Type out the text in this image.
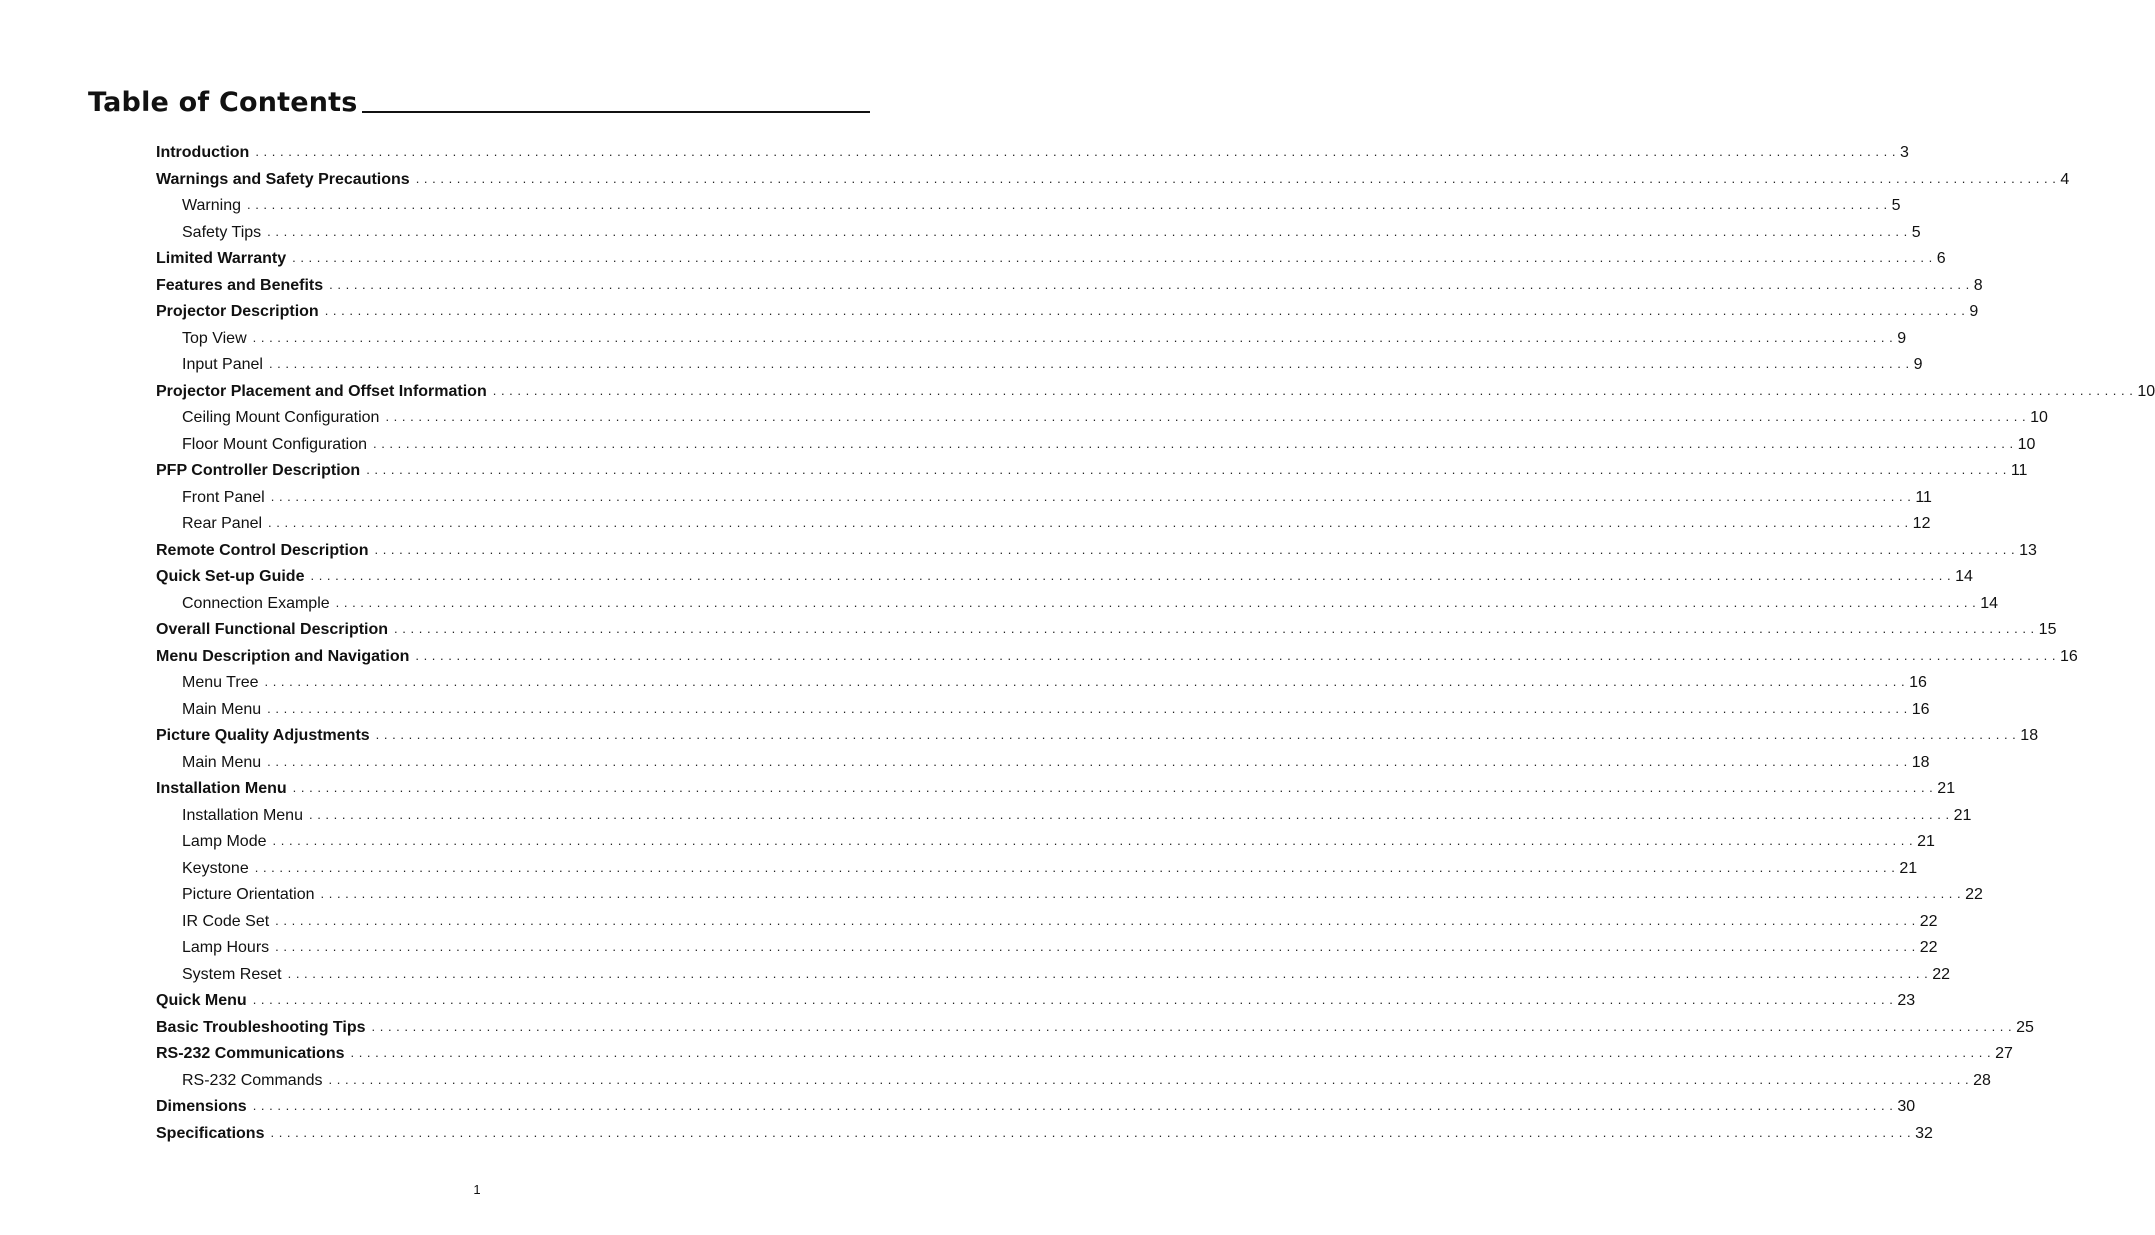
Table of Contents
Introduction . . . . . . . . . . . . . . . . . . . . . . . . . . . . . . . . . . . . . . . . . . . . . . . . . . . . . . . . . . . . . . . . . . . . . . . . . . . . . . . . . . . . . . . . . . . . . . . . . . . . . . . . . . . . . . . . . . . . . . . . . . . . . . . . . . . . . . . . . . . . . . . . . . . . . . . . . . . . . . . . . . . . . . . . . . . . . . . . . . . . . . . . . . . . . . . . . . . . . . . . 3
Warnings and Safety Precautions . . . . . . . . . . . . . . . . . . . . . . . . . . . . . . . . . . . . . . . . . . . . . . . . . . . . . . . . . . . . . . . . . . . . . . . . . . . . . . . . . . . . . . . . . . . . . . . . . . . . . . . . . . . . . . . . . . . . . . . . . . . . . . . . . . . . . . . . . . . . . . . . . . . . . . . . . . . . . . . . . . . . . . . . . . . . . . . . . . . . . . . . . . . . . . . . . . . . . . . . 4
Warning . . . . . . . . . . . . . . . . . . . . . . . . . . . . . . . . . . . . . . . . . . . . . . . . . . . . . . . . . . . . . . . . . . . . . . . . . . . . . . . . . . . . . . . . . . . . . . . . . . . . . . . . . . . . . . . . . . . . . . . . . . . . . . . . . . . . . . . . . . . . . . . . . . . . . . . . . . . . . . . . . . . . . . . . . . . . . . . . . . . . . . . . . . . . . . . . . . . . . . . . 5
Safety Tips . . . . . . . . . . . . . . . . . . . . . . . . . . . . . . . . . . . . . . . . . . . . . . . . . . . . . . . . . . . . . . . . . . . . . . . . . . . . . . . . . . . . . . . . . . . . . . . . . . . . . . . . . . . . . . . . . . . . . . . . . . . . . . . . . . . . . . . . . . . . . . . . . . . . . . . . . . . . . . . . . . . . . . . . . . . . . . . . . . . . . . . . . . . . . . . . . . . . . . . . 5
Limited Warranty . . . . . . . . . . . . . . . . . . . . . . . . . . . . . . . . . . . . . . . . . . . . . . . . . . . . . . . . . . . . . . . . . . . . . . . . . . . . . . . . . . . . . . . . . . . . . . . . . . . . . . . . . . . . . . . . . . . . . . . . . . . . . . . . . . . . . . . . . . . . . . . . . . . . . . . . . . . . . . . . . . . . . . . . . . . . . . . . . . . . . . . . . . . . . . . . . . . . . . . . 6
Features and Benefits . . . . . . . . . . . . . . . . . . . . . . . . . . . . . . . . . . . . . . . . . . . . . . . . . . . . . . . . . . . . . . . . . . . . . . . . . . . . . . . . . . . . . . . . . . . . . . . . . . . . . . . . . . . . . . . . . . . . . . . . . . . . . . . . . . . . . . . . . . . . . . . . . . . . . . . . . . . . . . . . . . . . . . . . . . . . . . . . . . . . . . . . . . . . . . . . . . . . . . . . 8
Projector Description . . . . . . . . . . . . . . . . . . . . . . . . . . . . . . . . . . . . . . . . . . . . . . . . . . . . . . . . . . . . . . . . . . . . . . . . . . . . . . . . . . . . . . . . . . . . . . . . . . . . . . . . . . . . . . . . . . . . . . . . . . . . . . . . . . . . . . . . . . . . . . . . . . . . . . . . . . . . . . . . . . . . . . . . . . . . . . . . . . . . . . . . . . . . . . . . . . . . . . . . 9
Top View . . . . . . . . . . . . . . . . . . . . . . . . . . . . . . . . . . . . . . . . . . . . . . . . . . . . . . . . . . . . . . . . . . . . . . . . . . . . . . . . . . . . . . . . . . . . . . . . . . . . . . . . . . . . . . . . . . . . . . . . . . . . . . . . . . . . . . . . . . . . . . . . . . . . . . . . . . . . . . . . . . . . . . . . . . . . . . . . . . . . . . . . . . . . . . . . . . . . . . . . 9
Input Panel . . . . . . . . . . . . . . . . . . . . . . . . . . . . . . . . . . . . . . . . . . . . . . . . . . . . . . . . . . . . . . . . . . . . . . . . . . . . . . . . . . . . . . . . . . . . . . . . . . . . . . . . . . . . . . . . . . . . . . . . . . . . . . . . . . . . . . . . . . . . . . . . . . . . . . . . . . . . . . . . . . . . . . . . . . . . . . . . . . . . . . . . . . . . . . . . . . . . . . . . 9
Projector Placement and Offset Information . . . . . . . . . . . . . . . . . . . . . . . . . . . . . . . . . . . . . . . . . . . . . . . . . . . . . . . . . . . . . . . . . . . . . . . . . . . . . . . . . . . . . . . . . . . . . . . . . . . . . . . . . . . . . . . . . . . . . . . . . . . . . . . . . . . . . . . . . . . . . . . . . . . . . . . . . . . . . . . . . . . . . . . . . . . . . . . . . . . . . . . . . . . . . . . . . . . . . . . . 10
Ceiling Mount Configuration . . . . . . . . . . . . . . . . . . . . . . . . . . . . . . . . . . . . . . . . . . . . . . . . . . . . . . . . . . . . . . . . . . . . . . . . . . . . . . . . . . . . . . . . . . . . . . . . . . . . . . . . . . . . . . . . . . . . . . . . . . . . . . . . . . . . . . . . . . . . . . . . . . . . . . . . . . . . . . . . . . . . . . . . . . . . . . . . . . . . . . . . . . . . . . . . . . . . . . . . 10
Floor Mount Configuration . . . . . . . . . . . . . . . . . . . . . . . . . . . . . . . . . . . . . . . . . . . . . . . . . . . . . . . . . . . . . . . . . . . . . . . . . . . . . . . . . . . . . . . . . . . . . . . . . . . . . . . . . . . . . . . . . . . . . . . . . . . . . . . . . . . . . . . . . . . . . . . . . . . . . . . . . . . . . . . . . . . . . . . . . . . . . . . . . . . . . . . . . . . . . . . . . . . . . . . . 10
PFP Controller Description . . . . . . . . . . . . . . . . . . . . . . . . . . . . . . . . . . . . . . . . . . . . . . . . . . . . . . . . . . . . . . . . . . . . . . . . . . . . . . . . . . . . . . . . . . . . . . . . . . . . . . . . . . . . . . . . . . . . . . . . . . . . . . . . . . . . . . . . . . . . . . . . . . . . . . . . . . . . . . . . . . . . . . . . . . . . . . . . . . . . . . . . . . . . . . . . . . . . . . . . 11
Front Panel . . . . . . . . . . . . . . . . . . . . . . . . . . . . . . . . . . . . . . . . . . . . . . . . . . . . . . . . . . . . . . . . . . . . . . . . . . . . . . . . . . . . . . . . . . . . . . . . . . . . . . . . . . . . . . . . . . . . . . . . . . . . . . . . . . . . . . . . . . . . . . . . . . . . . . . . . . . . . . . . . . . . . . . . . . . . . . . . . . . . . . . . . . . . . . . . . . . . . . . . 11
Rear Panel . . . . . . . . . . . . . . . . . . . . . . . . . . . . . . . . . . . . . . . . . . . . . . . . . . . . . . . . . . . . . . . . . . . . . . . . . . . . . . . . . . . . . . . . . . . . . . . . . . . . . . . . . . . . . . . . . . . . . . . . . . . . . . . . . . . . . . . . . . . . . . . . . . . . . . . . . . . . . . . . . . . . . . . . . . . . . . . . . . . . . . . . . . . . . . . . . . . . . . . . 12
Remote Control Description . . . . . . . . . . . . . . . . . . . . . . . . . . . . . . . . . . . . . . . . . . . . . . . . . . . . . . . . . . . . . . . . . . . . . . . . . . . . . . . . . . . . . . . . . . . . . . . . . . . . . . . . . . . . . . . . . . . . . . . . . . . . . . . . . . . . . . . . . . . . . . . . . . . . . . . . . . . . . . . . . . . . . . . . . . . . . . . . . . . . . . . . . . . . . . . . . . . . . . . . 13
Quick Set-up Guide . . . . . . . . . . . . . . . . . . . . . . . . . . . . . . . . . . . . . . . . . . . . . . . . . . . . . . . . . . . . . . . . . . . . . . . . . . . . . . . . . . . . . . . . . . . . . . . . . . . . . . . . . . . . . . . . . . . . . . . . . . . . . . . . . . . . . . . . . . . . . . . . . . . . . . . . . . . . . . . . . . . . . . . . . . . . . . . . . . . . . . . . . . . . . . . . . . . . . . . . 14
Connection Example . . . . . . . . . . . . . . . . . . . . . . . . . . . . . . . . . . . . . . . . . . . . . . . . . . . . . . . . . . . . . . . . . . . . . . . . . . . . . . . . . . . . . . . . . . . . . . . . . . . . . . . . . . . . . . . . . . . . . . . . . . . . . . . . . . . . . . . . . . . . . . . . . . . . . . . . . . . . . . . . . . . . . . . . . . . . . . . . . . . . . . . . . . . . . . . . . . . . . . . . 14
Overall Functional Description . . . . . . . . . . . . . . . . . . . . . . . . . . . . . . . . . . . . . . . . . . . . . . . . . . . . . . . . . . . . . . . . . . . . . . . . . . . . . . . . . . . . . . . . . . . . . . . . . . . . . . . . . . . . . . . . . . . . . . . . . . . . . . . . . . . . . . . . . . . . . . . . . . . . . . . . . . . . . . . . . . . . . . . . . . . . . . . . . . . . . . . . . . . . . . . . . . . . . . . . 15
Menu Description and Navigation . . . . . . . . . . . . . . . . . . . . . . . . . . . . . . . . . . . . . . . . . . . . . . . . . . . . . . . . . . . . . . . . . . . . . . . . . . . . . . . . . . . . . . . . . . . . . . . . . . . . . . . . . . . . . . . . . . . . . . . . . . . . . . . . . . . . . . . . . . . . . . . . . . . . . . . . . . . . . . . . . . . . . . . . . . . . . . . . . . . . . . . . . . . . . . . . . . . . . . . . 16
Menu Tree . . . . . . . . . . . . . . . . . . . . . . . . . . . . . . . . . . . . . . . . . . . . . . . . . . . . . . . . . . . . . . . . . . . . . . . . . . . . . . . . . . . . . . . . . . . . . . . . . . . . . . . . . . . . . . . . . . . . . . . . . . . . . . . . . . . . . . . . . . . . . . . . . . . . . . . . . . . . . . . . . . . . . . . . . . . . . . . . . . . . . . . . . . . . . . . . . . . . . . . . 16
Main Menu . . . . . . . . . . . . . . . . . . . . . . . . . . . . . . . . . . . . . . . . . . . . . . . . . . . . . . . . . . . . . . . . . . . . . . . . . . . . . . . . . . . . . . . . . . . . . . . . . . . . . . . . . . . . . . . . . . . . . . . . . . . . . . . . . . . . . . . . . . . . . . . . . . . . . . . . . . . . . . . . . . . . . . . . . . . . . . . . . . . . . . . . . . . . . . . . . . . . . . . . 16
Picture Quality Adjustments . . . . . . . . . . . . . . . . . . . . . . . . . . . . . . . . . . . . . . . . . . . . . . . . . . . . . . . . . . . . . . . . . . . . . . . . . . . . . . . . . . . . . . . . . . . . . . . . . . . . . . . . . . . . . . . . . . . . . . . . . . . . . . . . . . . . . . . . . . . . . . . . . . . . . . . . . . . . . . . . . . . . . . . . . . . . . . . . . . . . . . . . . . . . . . . . . . . . . . . . 18
Main Menu . . . . . . . . . . . . . . . . . . . . . . . . . . . . . . . . . . . . . . . . . . . . . . . . . . . . . . . . . . . . . . . . . . . . . . . . . . . . . . . . . . . . . . . . . . . . . . . . . . . . . . . . . . . . . . . . . . . . . . . . . . . . . . . . . . . . . . . . . . . . . . . . . . . . . . . . . . . . . . . . . . . . . . . . . . . . . . . . . . . . . . . . . . . . . . . . . . . . . . . . 18
Installation Menu . . . . . . . . . . . . . . . . . . . . . . . . . . . . . . . . . . . . . . . . . . . . . . . . . . . . . . . . . . . . . . . . . . . . . . . . . . . . . . . . . . . . . . . . . . . . . . . . . . . . . . . . . . . . . . . . . . . . . . . . . . . . . . . . . . . . . . . . . . . . . . . . . . . . . . . . . . . . . . . . . . . . . . . . . . . . . . . . . . . . . . . . . . . . . . . . . . . . . . . . 21
Installation Menu . . . . . . . . . . . . . . . . . . . . . . . . . . . . . . . . . . . . . . . . . . . . . . . . . . . . . . . . . . . . . . . . . . . . . . . . . . . . . . . . . . . . . . . . . . . . . . . . . . . . . . . . . . . . . . . . . . . . . . . . . . . . . . . . . . . . . . . . . . . . . . . . . . . . . . . . . . . . . . . . . . . . . . . . . . . . . . . . . . . . . . . . . . . . . . . . . . . . . . . . 21
Lamp Mode . . . . . . . . . . . . . . . . . . . . . . . . . . . . . . . . . . . . . . . . . . . . . . . . . . . . . . . . . . . . . . . . . . . . . . . . . . . . . . . . . . . . . . . . . . . . . . . . . . . . . . . . . . . . . . . . . . . . . . . . . . . . . . . . . . . . . . . . . . . . . . . . . . . . . . . . . . . . . . . . . . . . . . . . . . . . . . . . . . . . . . . . . . . . . . . . . . . . . . . . 21
Keystone . . . . . . . . . . . . . . . . . . . . . . . . . . . . . . . . . . . . . . . . . . . . . . . . . . . . . . . . . . . . . . . . . . . . . . . . . . . . . . . . . . . . . . . . . . . . . . . . . . . . . . . . . . . . . . . . . . . . . . . . . . . . . . . . . . . . . . . . . . . . . . . . . . . . . . . . . . . . . . . . . . . . . . . . . . . . . . . . . . . . . . . . . . . . . . . . . . . . . . . . 21
Picture Orientation . . . . . . . . . . . . . . . . . . . . . . . . . . . . . . . . . . . . . . . . . . . . . . . . . . . . . . . . . . . . . . . . . . . . . . . . . . . . . . . . . . . . . . . . . . . . . . . . . . . . . . . . . . . . . . . . . . . . . . . . . . . . . . . . . . . . . . . . . . . . . . . . . . . . . . . . . . . . . . . . . . . . . . . . . . . . . . . . . . . . . . . . . . . . . . . . . . . . . . . . 22
IR Code Set . . . . . . . . . . . . . . . . . . . . . . . . . . . . . . . . . . . . . . . . . . . . . . . . . . . . . . . . . . . . . . . . . . . . . . . . . . . . . . . . . . . . . . . . . . . . . . . . . . . . . . . . . . . . . . . . . . . . . . . . . . . . . . . . . . . . . . . . . . . . . . . . . . . . . . . . . . . . . . . . . . . . . . . . . . . . . . . . . . . . . . . . . . . . . . . . . . . . . . . . 22
Lamp Hours . . . . . . . . . . . . . . . . . . . . . . . . . . . . . . . . . . . . . . . . . . . . . . . . . . . . . . . . . . . . . . . . . . . . . . . . . . . . . . . . . . . . . . . . . . . . . . . . . . . . . . . . . . . . . . . . . . . . . . . . . . . . . . . . . . . . . . . . . . . . . . . . . . . . . . . . . . . . . . . . . . . . . . . . . . . . . . . . . . . . . . . . . . . . . . . . . . . . . . . . 22
System Reset . . . . . . . . . . . . . . . . . . . . . . . . . . . . . . . . . . . . . . . . . . . . . . . . . . . . . . . . . . . . . . . . . . . . . . . . . . . . . . . . . . . . . . . . . . . . . . . . . . . . . . . . . . . . . . . . . . . . . . . . . . . . . . . . . . . . . . . . . . . . . . . . . . . . . . . . . . . . . . . . . . . . . . . . . . . . . . . . . . . . . . . . . . . . . . . . . . . . . . . . 22
Quick Menu . . . . . . . . . . . . . . . . . . . . . . . . . . . . . . . . . . . . . . . . . . . . . . . . . . . . . . . . . . . . . . . . . . . . . . . . . . . . . . . . . . . . . . . . . . . . . . . . . . . . . . . . . . . . . . . . . . . . . . . . . . . . . . . . . . . . . . . . . . . . . . . . . . . . . . . . . . . . . . . . . . . . . . . . . . . . . . . . . . . . . . . . . . . . . . . . . . . . . . . . 23
Basic Troubleshooting Tips . . . . . . . . . . . . . . . . . . . . . . . . . . . . . . . . . . . . . . . . . . . . . . . . . . . . . . . . . . . . . . . . . . . . . . . . . . . . . . . . . . . . . . . . . . . . . . . . . . . . . . . . . . . . . . . . . . . . . . . . . . . . . . . . . . . . . . . . . . . . . . . . . . . . . . . . . . . . . . . . . . . . . . . . . . . . . . . . . . . . . . . . . . . . . . . . . . . . . . . . 25
RS-232 Communications . . . . . . . . . . . . . . . . . . . . . . . . . . . . . . . . . . . . . . . . . . . . . . . . . . . . . . . . . . . . . . . . . . . . . . . . . . . . . . . . . . . . . . . . . . . . . . . . . . . . . . . . . . . . . . . . . . . . . . . . . . . . . . . . . . . . . . . . . . . . . . . . . . . . . . . . . . . . . . . . . . . . . . . . . . . . . . . . . . . . . . . . . . . . . . . . . . . . . . . . 27
RS-232 Commands . . . . . . . . . . . . . . . . . . . . . . . . . . . . . . . . . . . . . . . . . . . . . . . . . . . . . . . . . . . . . . . . . . . . . . . . . . . . . . . . . . . . . . . . . . . . . . . . . . . . . . . . . . . . . . . . . . . . . . . . . . . . . . . . . . . . . . . . . . . . . . . . . . . . . . . . . . . . . . . . . . . . . . . . . . . . . . . . . . . . . . . . . . . . . . . . . . . . . . . . 28
Dimensions . . . . . . . . . . . . . . . . . . . . . . . . . . . . . . . . . . . . . . . . . . . . . . . . . . . . . . . . . . . . . . . . . . . . . . . . . . . . . . . . . . . . . . . . . . . . . . . . . . . . . . . . . . . . . . . . . . . . . . . . . . . . . . . . . . . . . . . . . . . . . . . . . . . . . . . . . . . . . . . . . . . . . . . . . . . . . . . . . . . . . . . . . . . . . . . . . . . . . . . . 30
Specifications . . . . . . . . . . . . . . . . . . . . . . . . . . . . . . . . . . . . . . . . . . . . . . . . . . . . . . . . . . . . . . . . . . . . . . . . . . . . . . . . . . . . . . . . . . . . . . . . . . . . . . . . . . . . . . . . . . . . . . . . . . . . . . . . . . . . . . . . . . . . . . . . . . . . . . . . . . . . . . . . . . . . . . . . . . . . . . . . . . . . . . . . . . . . . . . . . . . . . . . . 32
1
